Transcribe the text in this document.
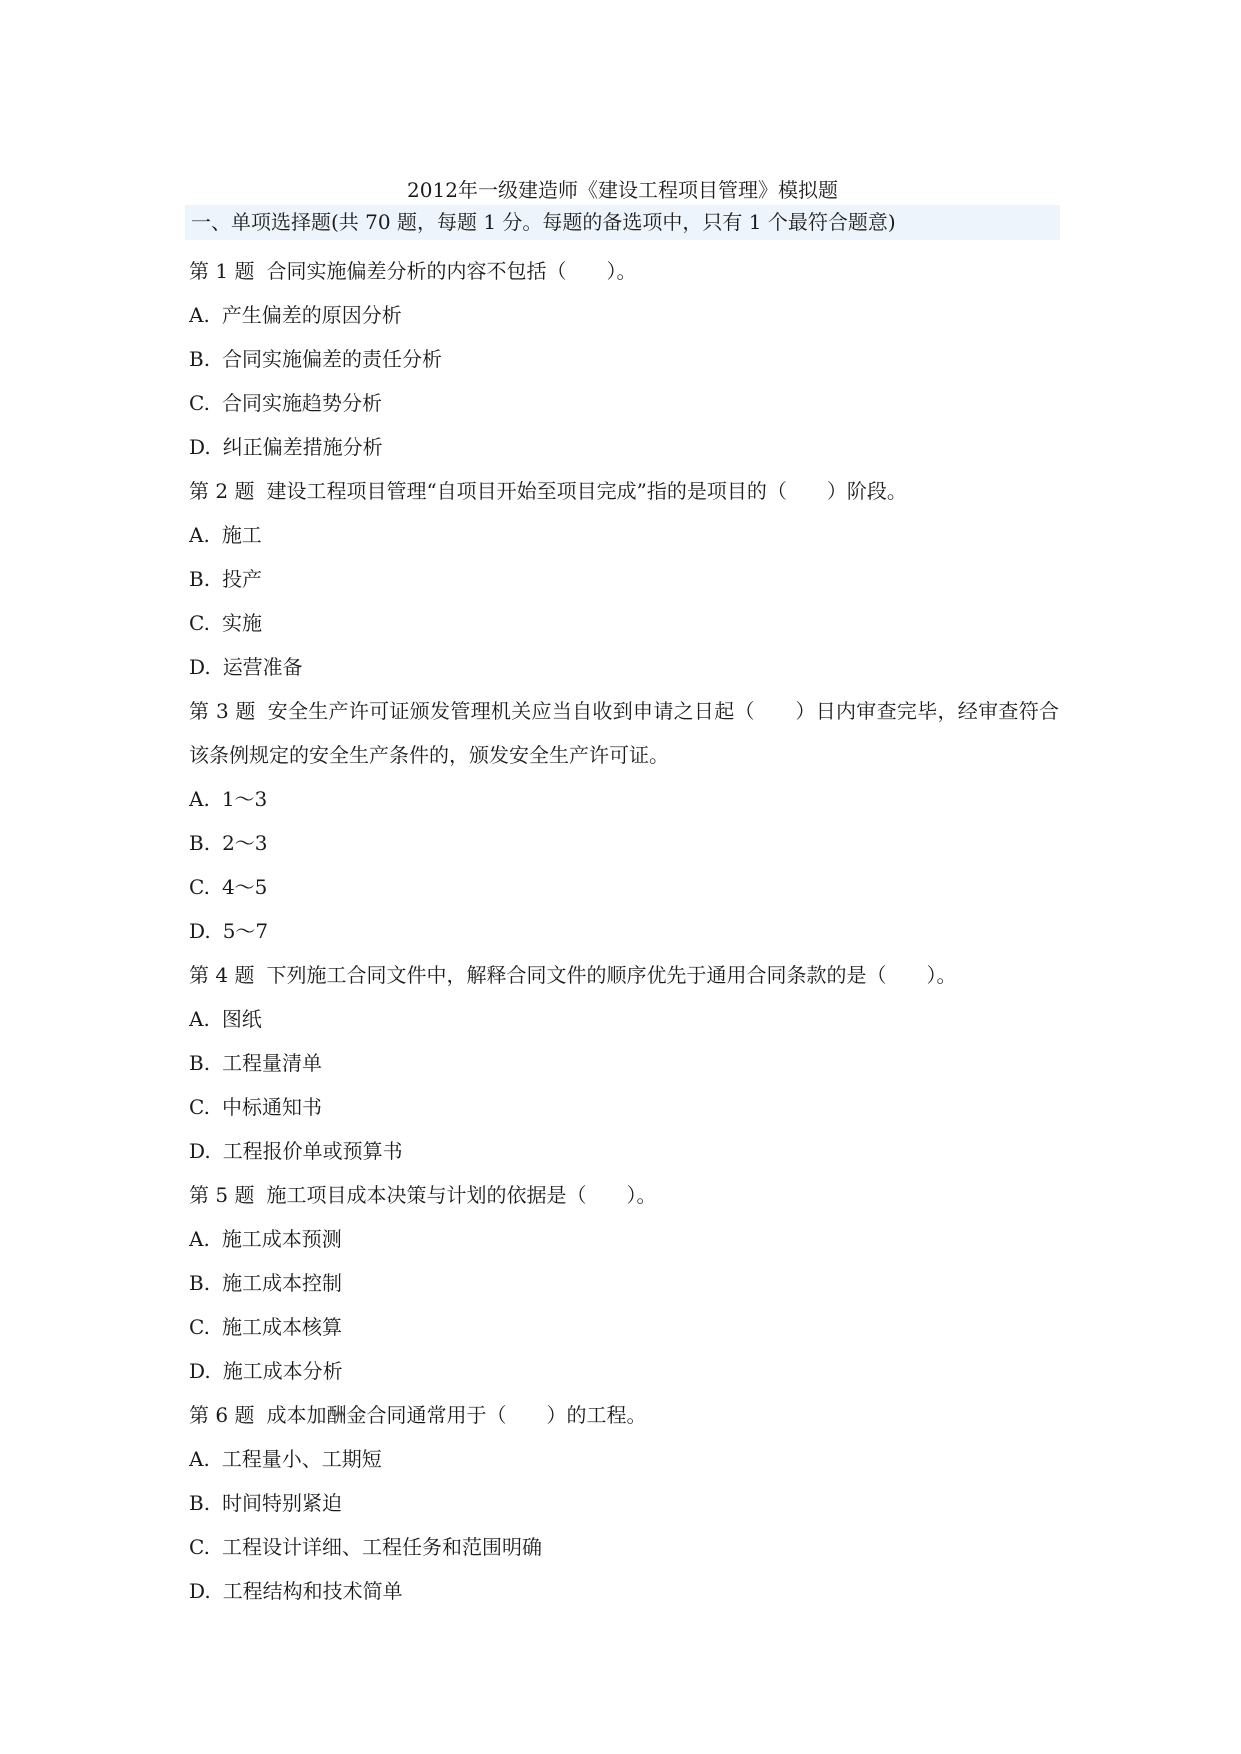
2012年一级建造师《建设工程项目管理》模拟题
一、单项选择题(共 70 题，每题 1 分。每题的备选项中，只有 1 个最符合题意)
第 1 题 合同实施偏差分析的内容不包括（　　）。
A. 产生偏差的原因分析
B. 合同实施偏差的责任分析
C. 合同实施趋势分析
D. 纠正偏差措施分析
第 2 题 建设工程项目管理“自项目开始至项目完成”指的是项目的（　　）阶段。
A. 施工
B. 投产
C. 实施
D. 运营准备
第 3 题 安全生产许可证颁发管理机关应当自收到申请之日起（　　）日内审查完毕，经审查符合该条例规定的安全生产条件的，颁发安全生产许可证。
A. 1～3
B. 2～3
C. 4～5
D. 5～7
第 4 题 下列施工合同文件中，解释合同文件的顺序优先于通用合同条款的是（　　）。
A. 图纸
B. 工程量清单
C. 中标通知书
D. 工程报价单或预算书
第 5 题 施工项目成本决策与计划的依据是（　　）。
A. 施工成本预测
B. 施工成本控制
C. 施工成本核算
D. 施工成本分析
第 6 题 成本加酬金合同通常用于（　　）的工程。
A. 工程量小、工期短
B. 时间特别紧迫
C. 工程设计详细、工程任务和范围明确
D. 工程结构和技术简单
